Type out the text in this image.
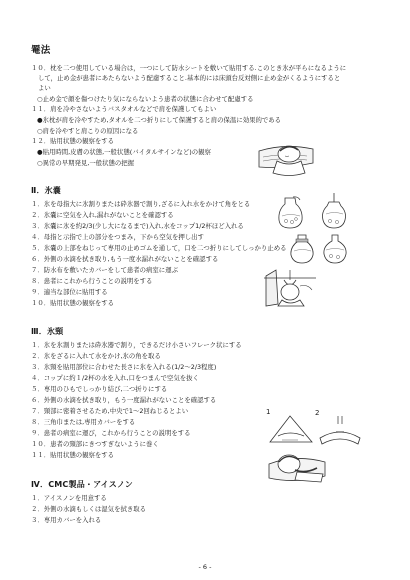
罨法
１０．枕を二つ使用している場合は，一つにして防水シートを敷いて貼用する.このとき氷が平らになるように
して，止め金が患者にあたらないよう配慮すること.基本的には床頭台反対側に止め金がくるようにすると
よい
○止め金で顔を傷つけたり気にならないよう患者の状態に合わせて配慮する
１１．肩を冷やさないようバスタオルなどで肩を保護してもよい
●氷枕が肩を冷やすため,タオルを二つ折りにして保護すると肩の保温に効果的である
○肩を冷やすと肩こりの原因になる
１２．貼用状態の観察をする
●貼用時間,皮膚の状態,一般状態(バイタルサインなど)の観察
○異常の早期発見,一般状態の把握
Ⅱ．氷嚢
１．氷を母指大に氷割りまたは砕氷器で割り,ざるに入れ水をかけて角をとる
２．氷嚢に空気を入れ,漏れがないことを確認する
３．氷嚢に氷を約2/3(少し大になるまで)入れ,水をコップ1/2杯ほど入れる
４．母指と示指で上の部分をつまみ，下から空気を押し出す
５．氷嚢の上部をねじって専用の止めゴムを通して，口を二つ折りにしてしっかり止める
６．外側の水滴を拭き取り,もう一度水漏れがないことを確認する
７．防水布を敷いたカバーをして患者の病室に運ぶ
８．患者にこれから行うことの説明をする
９．適当な部位に貼用する
１０．貼用状態の観察をする
Ⅲ．氷頸
１．氷を氷割りまたは砕氷器で割り，できるだけ小さいフレーク状にする
２．氷をざるに入れて水をかけ,氷の角を取る
３．氷頸を貼用部位に合わせた長さに氷を入れる(1/2〜2/3程度)
４．コップに約１/2杯の水を入れ,口をつまんで空気を抜く
５．専用のひもでしっかり結び,二つ折りにする
６．外側の水滴を拭き取り，もう一度漏れがないことを確認する
７．頸部に密着させるため,中央で1〜2回ねじるとよい
８．三角巾または,専用カバーをする
９．患者の病室に運び，これから行うことの説明をする
１０．患者の頸部にきつすぎないように巻く
１１．貼用状態の観察をする
Ⅳ．CMC製品・アイスノン
１．アイスノンを用意する
２．外側の水滴もしくは湿気を拭き取る
３．専用カバーを入れる
1	2
- 6 -
